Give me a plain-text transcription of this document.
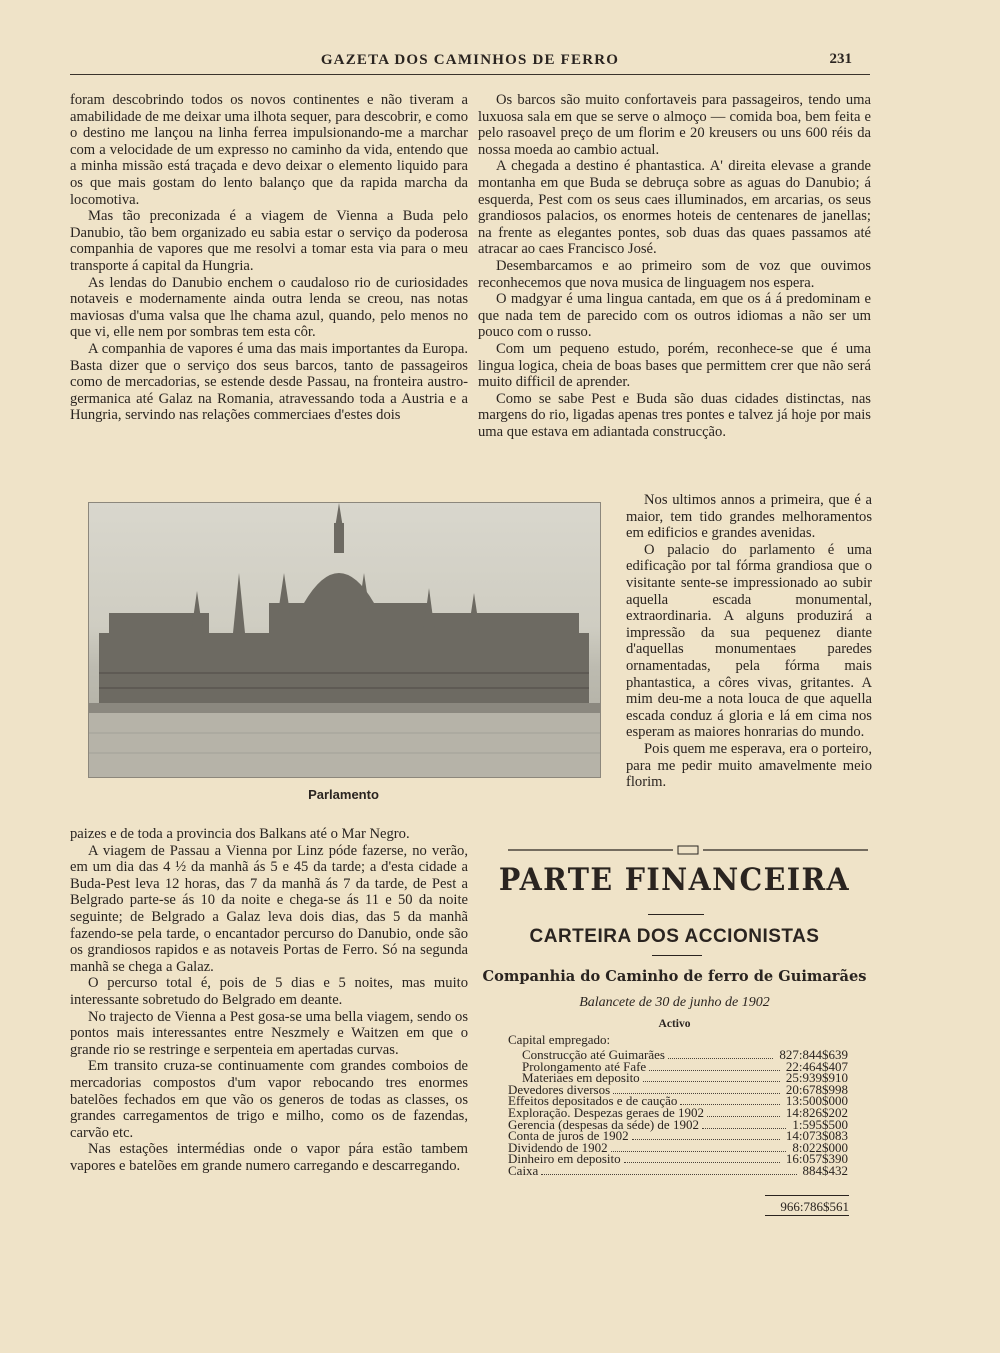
GAZETA DOS CAMINHOS DE FERRO	231

foram descobrindo todos os novos continentes e não tiveram a amabilidade de me deixar uma ilhota sequer, para descobrir, e como o destino me lançou na linha ferrea impulsionando-me a marchar com a velocidade de um expresso no caminho da vida, entendo que a minha missão está traçada e devo deixar o elemento liquido para os que mais gostam do lento balanço que da rapida marcha da locomotiva.

Mas tão preconizada é a viagem de Vienna a Buda pelo Danubio, tão bem organizado eu sabia estar o serviço da poderosa companhia de vapores que me resolvi a tomar esta via para o meu transporte á capital da Hungria.

As lendas do Danubio enchem o caudaloso rio de curiosidades notaveis e modernamente ainda outra lenda se creou, nas notas maviosas d'uma valsa que lhe chama azul, quando, pelo menos no que vi, elle nem por sombras tem esta côr.

A companhia de vapores é uma das mais importantes da Europa. Basta dizer que o serviço dos seus barcos, tanto de passageiros como de mercadorias, se estende desde Passau, na fronteira austro-germanica até Galaz na Romania, atravessando toda a Austria e a Hungria, servindo nas relações commerciaes d'estes dois

Os barcos são muito confortaveis para passageiros, tendo uma luxuosa sala em que se serve o almoço — comida boa, bem feita e pelo rasoavel preço de um florim e 20 kreusers ou uns 600 réis da nossa moeda ao cambio actual.

A chegada a destino é phantastica. A' direita elevase a grande montanha em que Buda se debruça sobre as aguas do Danubio; á esquerda, Pest com os seus caes illuminados, em arcarias, os seus grandiosos palacios, os enormes hoteis de centenares de janellas; na frente as elegantes pontes, sob duas das quaes passamos até atracar ao caes Francisco José.

Desembarcamos e ao primeiro som de voz que ouvimos reconhecemos que nova musica de linguagem nos espera.

O madgyar é uma lingua cantada, em que os á á predominam e que nada tem de parecido com os outros idiomas a não ser um pouco com o russo.

Com um pequeno estudo, porém, reconhece-se que é uma lingua logica, cheia de boas bases que permittem crer que não será muito difficil de aprender.

Como se sabe Pest e Buda são duas cidades distinctas, nas margens do rio, ligadas apenas tres pontes e talvez já hoje por mais uma que estava em adiantada construcção.

Nos ultimos annos a primeira, que é a maior, tem tido grandes melhoramentos em edificios e grandes avenidas.

O palacio do parlamento é uma edificação por tal fórma grandiosa que o visitante sente-se impressionado ao subir aquella escada monumental, extraordinaria. A alguns produzirá a impressão da sua pequenez diante d'aquellas monumentaes paredes ornamentadas, pela fórma mais phantastica, a côres vivas, gritantes. A mim deu-me a nota louca de que aquella escada conduz á gloria e lá em cima nos esperam as maiores honrarias do mundo.

Pois quem me esperava, era o porteiro, para me pedir muito amavelmente meio florim.

Parlamento

paizes e de toda a provincia dos Balkans até o Mar Negro.

A viagem de Passau a Vienna por Linz póde fazerse, no verão, em um dia das 4 ½ da manhã ás 5 e 45 da tarde; a d'esta cidade a Buda-Pest leva 12 horas, das 7 da manhã ás 7 da tarde, de Pest a Belgrado parte-se ás 10 da noite e chega-se ás 11 e 50 da noite seguinte; de Belgrado a Galaz leva dois dias, das 5 da manhã fazendo-se pela tarde, o encantador percurso do Danubio, onde são os grandiosos rapidos e as notaveis Portas de Ferro. Só na segunda manhã se chega a Galaz.

O percurso total é, pois de 5 dias e 5 noites, mas muito interessante sobretudo do Belgrado em deante.

No trajecto de Vienna a Pest gosa-se uma bella viagem, sendo os pontos mais interessantes entre Neszmely e Waitzen em que o grande rio se restringe e serpenteia em apertadas curvas.

Em transito cruza-se continuamente com grandes comboios de mercadorias compostos d'um vapor rebocando tres enormes batelões fechados em que vão os generos de todas as classes, os grandes carregamentos de trigo e milho, como os de fazendas, carvão etc.

Nas estações intermédias onde o vapor pára estão tambem vapores e batelões em grande numero carregando e descarregando.

PARTE FINANCEIRA
CARTEIRA DOS ACCIONISTAS
Companhia do Caminho de ferro de Guimarães
Balancete de 30 de junho de 1902
Activo
Capital empregado:
Construcção até Guimarães	827:844$639
Prolongamento até Fafe	22:464$407
Materiaes em deposito	25:939$910
Devedores diversos	20:678$998
Effeitos depositados e de caução	13:500$000
Exploração. Despezas geraes de 1902	14:826$202
Gerencia (despesas da séde) de 1902	1:595$500
Conta de juros de 1902	14:073$083
Dividendo de 1902	8:022$000
Dinheiro em deposito	16:057$390
Caixa	884$432
966:786$561
